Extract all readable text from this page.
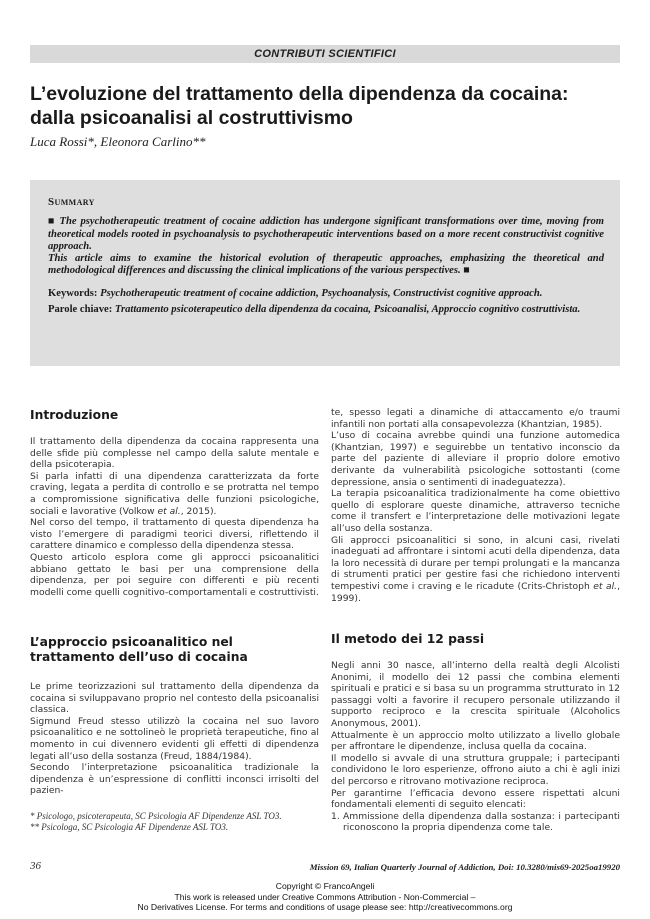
CONTRIBUTI SCIENTIFICI
L’evoluzione del trattamento della dipendenza da cocaina:
dalla psicoanalisi al costruttivismo
Luca Rossi*, Eleonora Carlino**
Summary

■ The psychotherapeutic treatment of cocaine addiction has undergone significant transformations over time, moving from theoretical models rooted in psychoanalysis to psychotherapeutic interventions based on a more recent constructivist cognitive approach.

This article aims to examine the historical evolution of therapeutic approaches, emphasizing the theoretical and methodological differences and discussing the clinical implications of the various perspectives. ■

Keywords: Psychotherapeutic treatment of cocaine addiction, Psychoanalysis, Constructivist cognitive approach.
Parole chiave: Trattamento psicoterapeutico della dipendenza da cocaina, Psicoanalisi, Approccio cognitivo costruttivista.
Introduzione

Il trattamento della dipendenza da cocaina rappresenta una delle sfide più complesse nel campo della salute mentale e della psicoterapia.

Si parla infatti di una dipendenza caratterizzata da forte craving, legata a perdita di controllo e se protratta nel tempo a compromissione significativa delle funzioni psicologiche, sociali e lavorative (Volkow et al., 2015).

Nel corso del tempo, il trattamento di questa dipendenza ha visto l’emergere di paradigmi teorici diversi, riflettendo il carattere dinamico e complesso della dipendenza stessa.

Questo articolo esplora come gli approcci psicoanalitici abbiano gettato le basi per una comprensione della dipendenza, per poi seguire con differenti e più recenti modelli come quelli cognitivo-comportamentali e costruttivisti.

L’approccio psicoanalitico nel trattamento dell’uso di cocaina

Le prime teorizzazioni sul trattamento della dipendenza da cocaina si sviluppavano proprio nel contesto della psicoanalisi classica.

Sigmund Freud stesso utilizzò la cocaina nel suo lavoro psicoanalitico e ne sottolineò le proprietà terapeutiche, fino al momento in cui divennero evidenti gli effetti di dipendenza legati all’uso della sostanza (Freud, 1884/1984).

Secondo l’interpretazione psicoanalitica tradizionale la dipendenza è un’espressione di conflitti inconsci irrisolti del pazien-

te, spesso legati a dinamiche di attaccamento e/o traumi infantili non portati alla consapevolezza (Khantzian, 1985).

L’uso di cocaina avrebbe quindi una funzione automedica (Khantzian, 1997) e seguirebbe un tentativo inconscio da parte del paziente di alleviare il proprio dolore emotivo derivante da vulnerabilità psicologiche sottostanti (come depressione, ansia o sentimenti di inadeguatezza).

La terapia psicoanalitica tradizionalmente ha come obiettivo quello di esplorare queste dinamiche, attraverso tecniche come il transfert e l’interpretazione delle motivazioni legate all’uso della sostanza.

Gli approcci psicoanalitici si sono, in alcuni casi, rivelati inadeguati ad affrontare i sintomi acuti della dipendenza, data la loro necessità di durare per tempi prolungati e la mancanza di strumenti pratici per gestire fasi che richiedono interventi tempestivi come i craving e le ricadute (Crits-Christoph et al., 1999).

Il metodo dei 12 passi

Negli anni 30 nasce, all’interno della realtà degli Alcolisti Anonimi, il modello dei 12 passi che combina elementi spirituali e pratici e si basa su un programma strutturato in 12 passaggi volti a favorire il recupero personale utilizzando il supporto reciproco e la crescita spirituale (Alcoholics Anonymous, 2001).

Attualmente è un approccio molto utilizzato a livello globale per affrontare le dipendenze, inclusa quella da cocaina.

Il modello si avvale di una struttura gruppale; i partecipanti condividono le loro esperienze, offrono aiuto a chi è agli inizi del percorso e ritrovano motivazione reciproca.

Per garantirne l’efficacia devono essere rispettati alcuni fondamentali elementi di seguito elencati:

1. Ammissione della dipendenza dalla sostanza: i partecipanti riconoscono la propria dipendenza come tale.
* Psicologo, psicoterapeuta, SC Psicologia AF Dipendenze ASL TO3.
** Psicologa, SC Psicologia AF Dipendenze ASL TO3.
36	Mission 69, Italian Quarterly Journal of Addiction, Doi: 10.3280/mis69-2025oa19920
Copyright © FrancoAngeli
This work is released under Creative Commons Attribution - Non-Commercial –
No Derivatives License. For terms and conditions of usage please see: http://creativecommons.org
